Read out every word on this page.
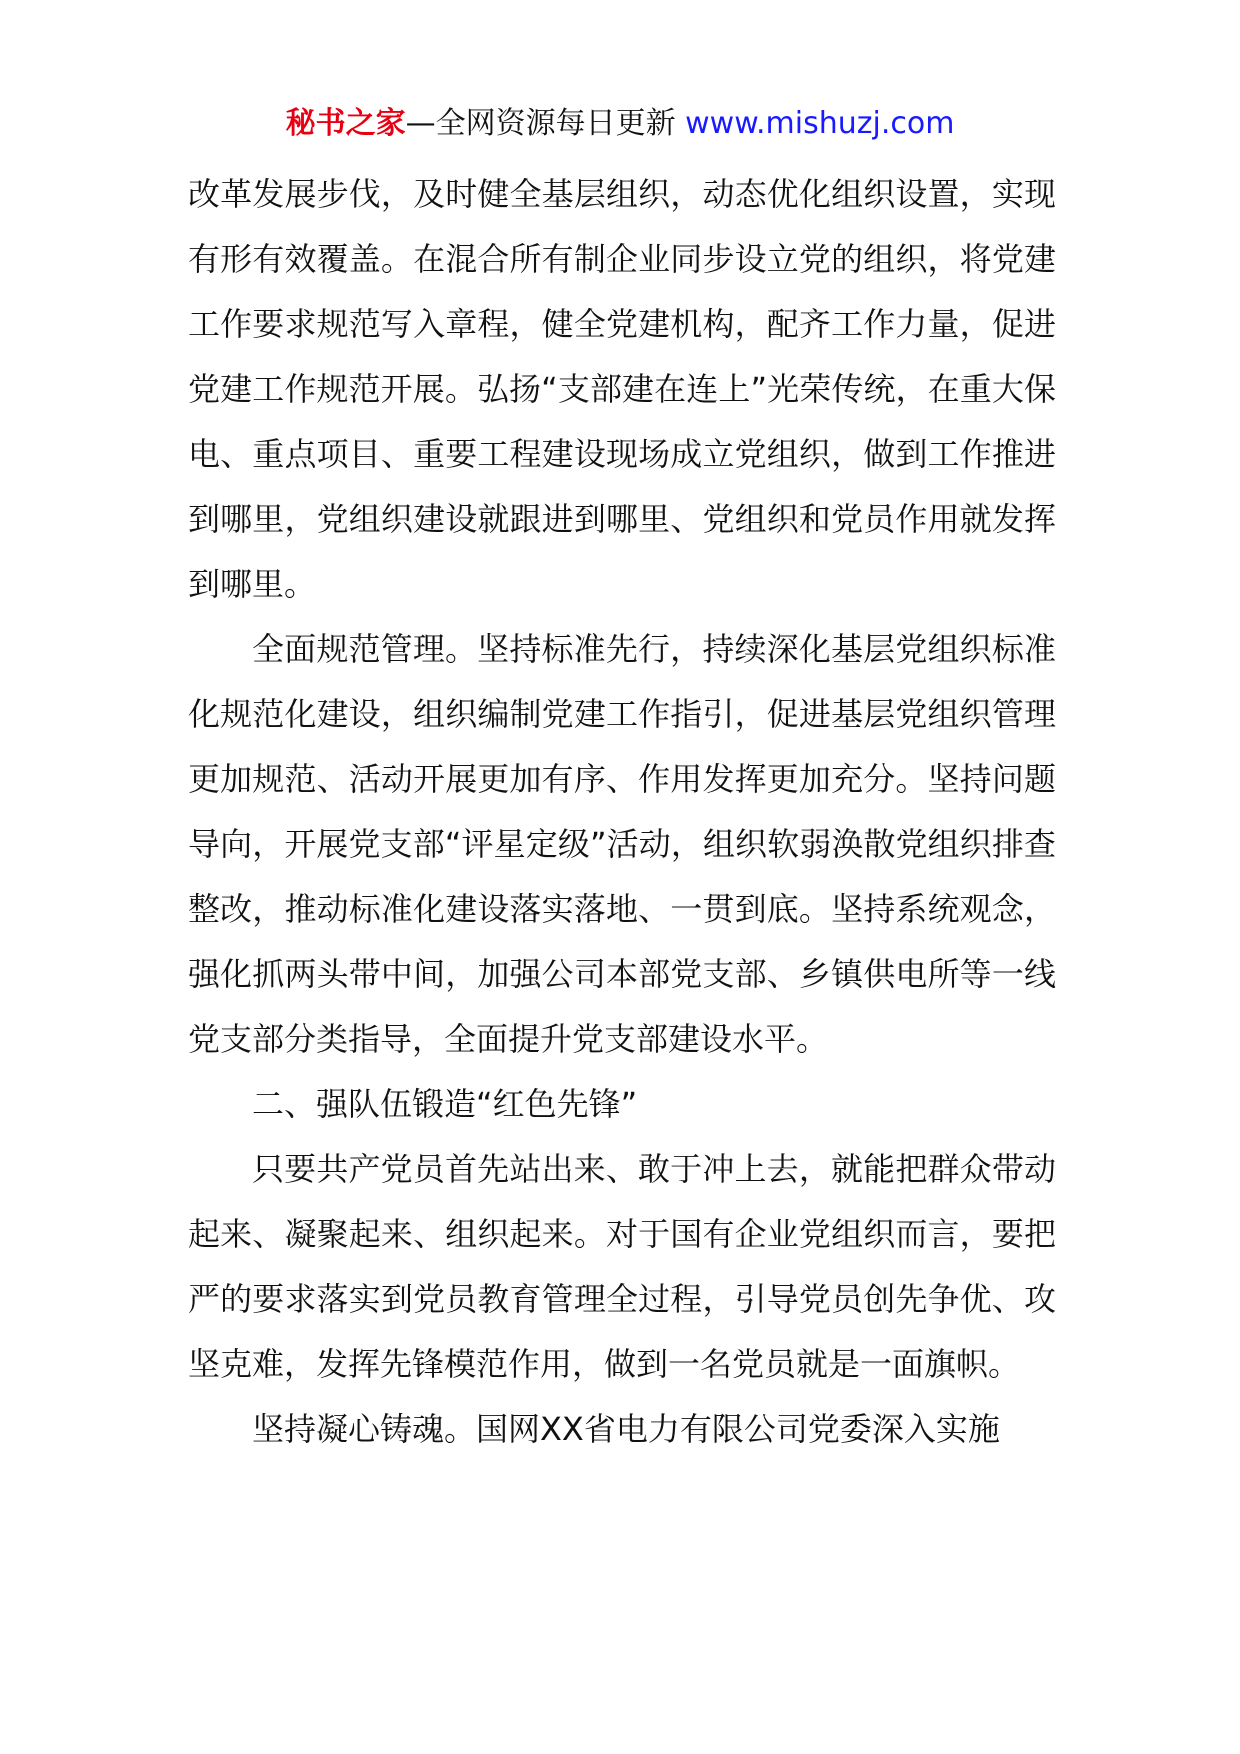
秘书之家—全网资源每日更新 www.mishuzj.com

改革发展步伐，及时健全基层组织，动态优化组织设置，实现有形有效覆盖。在混合所有制企业同步设立党的组织，将党建工作要求规范写入章程，健全党建机构，配齐工作力量，促进党建工作规范开展。弘扬“支部建在连上”光荣传统，在重大保电、重点项目、重要工程建设现场成立党组织，做到工作推进到哪里，党组织建设就跟进到哪里、党组织和党员作用就发挥到哪里。

全面规范管理。坚持标准先行，持续深化基层党组织标准化规范化建设，组织编制党建工作指引，促进基层党组织管理更加规范、活动开展更加有序、作用发挥更加充分。坚持问题导向，开展党支部“评星定级”活动，组织软弱涣散党组织排查整改，推动标准化建设落实落地、一贯到底。坚持系统观念，强化抓两头带中间，加强公司本部党支部、乡镇供电所等一线党支部分类指导，全面提升党支部建设水平。

二、强队伍锻造“红色先锋”

只要共产党员首先站出来、敢于冲上去，就能把群众带动起来、凝聚起来、组织起来。对于国有企业党组织而言，要把严的要求落实到党员教育管理全过程，引导党员创先争优、攻坚克难，发挥先锋模范作用，做到一名党员就是一面旗帜。

坚持凝心铸魂。国网XX省电力有限公司党委深入实施
